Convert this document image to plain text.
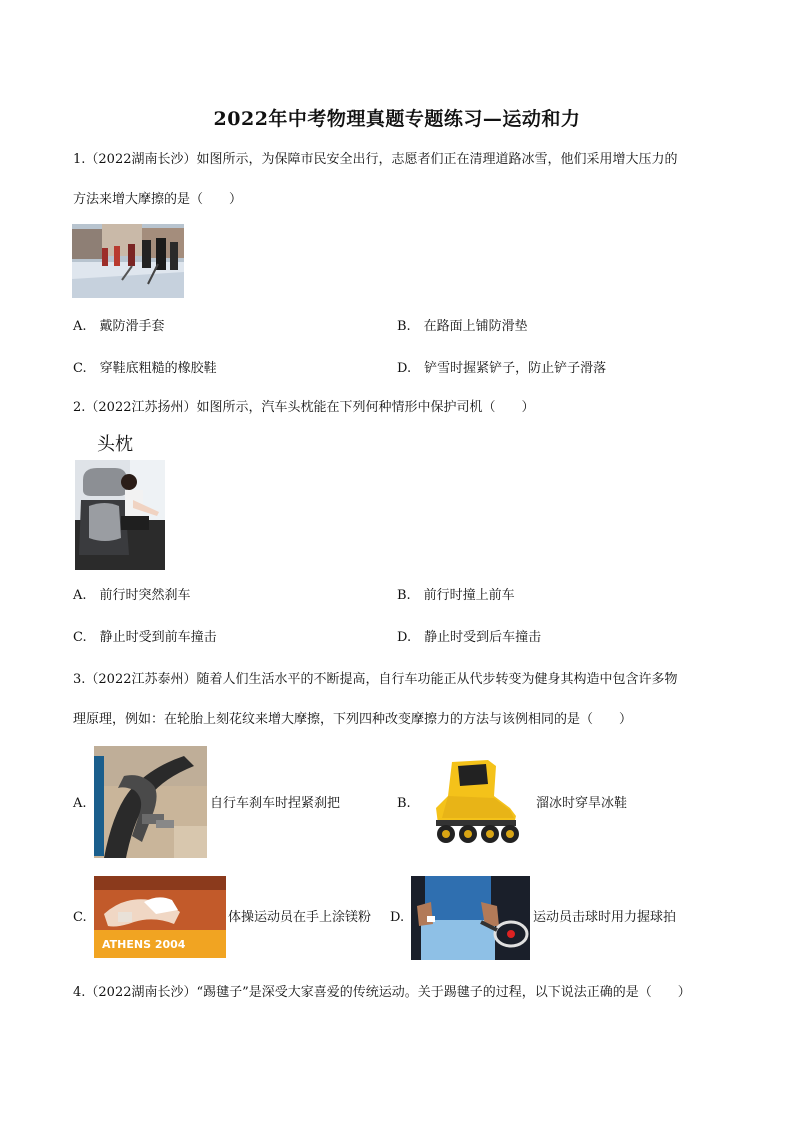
2022年中考物理真题专题练习—运动和力
1.（2022湖南长沙）如图所示，为保障市民安全出行，志愿者们正在清理道路冰雪，他们采用增大压力的
方法来增大摩擦的是（　　）
A.　戴防滑手套	B.　在路面上铺防滑垫
C.　穿鞋底粗糙的橡胶鞋	D.　铲雪时握紧铲子，防止铲子滑落
2.（2022江苏扬州）如图所示，汽车头枕能在下列何种情形中保护司机（　　）
头枕
A.　前行时突然刹车	B.　前行时撞上前车
C.　静止时受到前车撞击	D.　静止时受到后车撞击
3.（2022江苏泰州）随着人们生活水平的不断提高，自行车功能正从代步转变为健身其构造中包含许多物
理原理，例如：在轮胎上刻花纹来增大摩擦，下列四种改变摩擦力的方法与该例相同的是（　　）
A.	自行车刹车时捏紧刹把	B.	溜冰时穿旱冰鞋
C.
ATHENS 2004
体操运动员在手上涂镁粉 D.	运动员击球时用力握球拍
4.（2022湖南长沙）“踢毽子”是深受大家喜爱的传统运动。关于踢毽子的过程，以下说法正确的是（　　）
